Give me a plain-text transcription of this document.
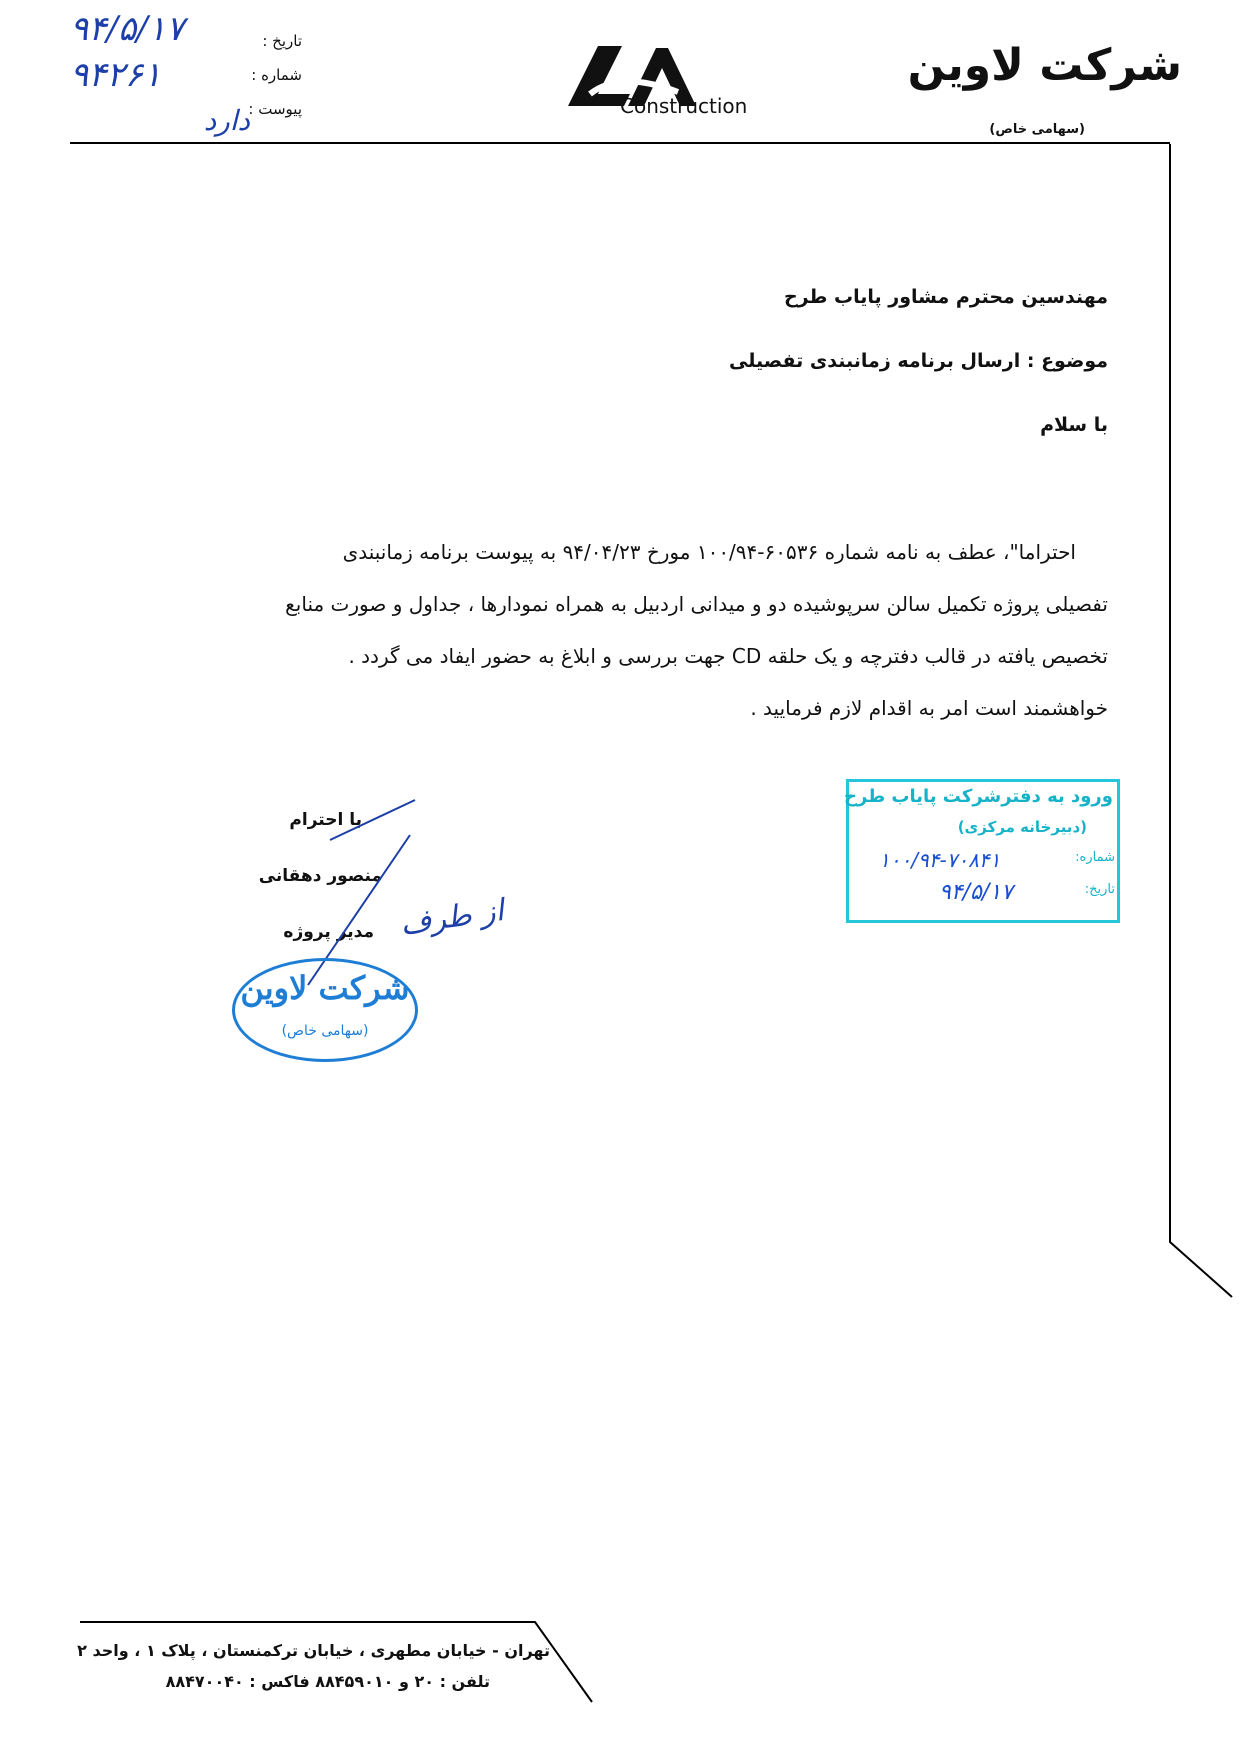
تاریخ :
شماره :
پیوست :
۹۴/۵/۱۷
۹۴۲۶۱
دارد	Construction
شرکت لاوین
(سهامی خاص)
مهندسین محترم مشاور پایاب طرح
موضوع : ارسال برنامه زمانبندی تفصیلی
با سلام
احتراما"، عطف به نامه شماره ۶۰۵۳۶-۱۰۰/۹۴ مورخ ۹۴/۰۴/۲۳ به پیوست برنامه زمانبندی
تفصیلی پروژه تکمیل سالن سرپوشیده دو و میدانی اردبیل به همراه نمودارها ، جداول و صورت منابع
تخصیص یافته در قالب دفترچه و یک حلقه CD جهت بررسی و ابلاغ به حضور ایفاد می گردد .
خواهشمند است امر به اقدام لازم فرمایید .
ورود به دفترشرکت پایاب طرح
(دبیرخانه مرکزی)
شماره:
۱۰۰/۹۴-۷۰۸۴۱
تاریخ:
۹۴/۵/۱۷
با احترام
منصور دهقانی
مدیر پروژه از طرف
شرکت لاوین
(سهامی خاص)
تهران - خیابان مطهری ، خیابان ترکمنستان ، پلاک ۱ ، واحد ۲
تلفن : ۲۰ و ۸۸۴۵۹۰۱۰ فاکس : ۸۸۴۷۰۰۴۰
